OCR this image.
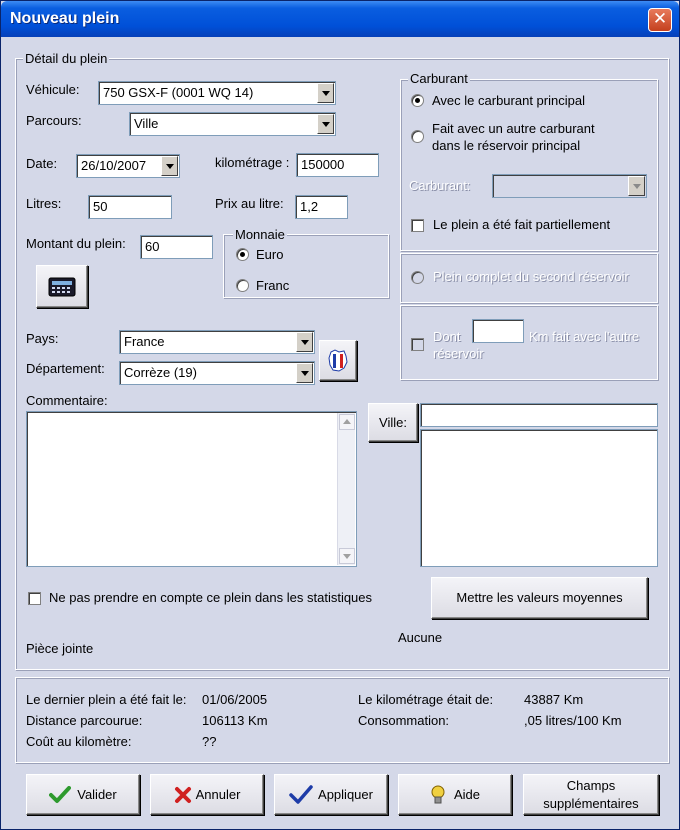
Nouveau plein	✕
Détail du plein
Véhicule:	750 GSX-F (0001 WQ 14)
Parcours:	Ville
Date:	26/10/2007	kilométrage : 150000
Litres:	50	Prix au litre:	1,2
Montant du plein:	60
Monnaie
Euro
Franc
Pays:	France
Département:	Corrèze (19)
Commentaire:
Ville:
Ne pas prendre en compte ce plein dans les statistiques	Mettre les valeurs moyennes
Pièce jointe
Aucune
Carburant
Avec le carburant principal
Fait avec un autre carburant
dans le réservoir principal
Carburant:
Le plein a été fait partiellement
Plein complet du second réservoir
Dont	Km fait avec l'autre
réservoir
Le dernier plein a été fait le: 01/06/2005	Le kilométrage était de: 43887 Km
Distance parcourue:	106113 Km	Consommation:	,05 litres/100 Km
Coût au kilomètre:	??
Valider	Annuler	Appliquer	Aide
Champs
supplémentaires
